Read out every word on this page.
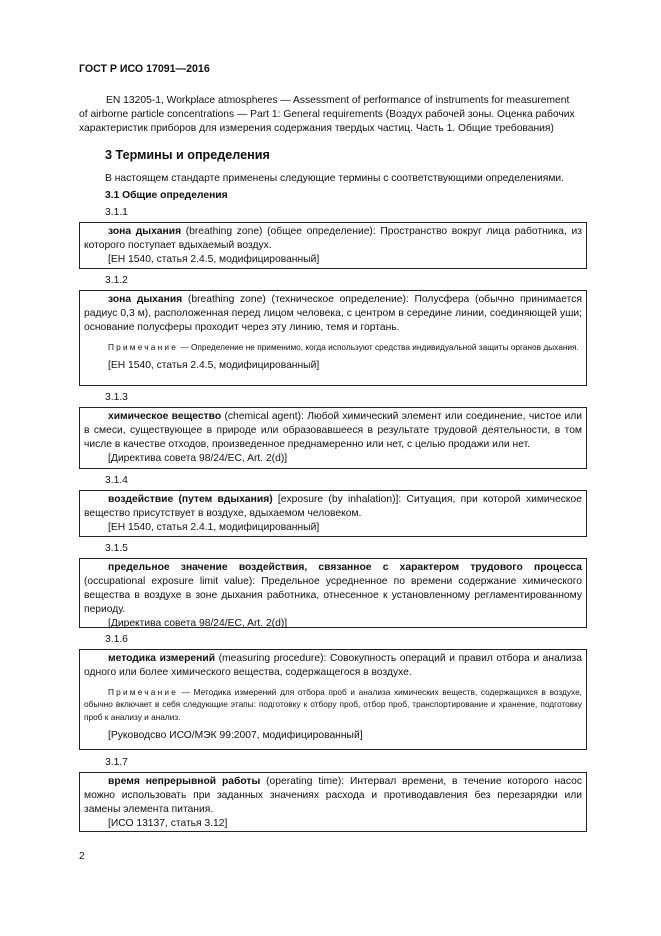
ГОСТ Р ИСО 17091—2016

EN 13205-1, Workplace atmospheres — Assessment of performance of instruments for measurement

of airborne particle concentrations — Part 1: General requirements (Воздух рабочей зоны. Оценка рабочих

характеристик приборов для измерения содержания твердых частиц. Часть 1. Общие требования)

3 Термины и определения
В настоящем стандарте применены следующие термины с соответствующими определениями.
3.1 Общие определения
3.1.1

зона дыхания (breathing zone) (общее определение): Пространство вокруг лица работника, из которого поступает вдыхаемый воздух.

[ЕН 1540, статья 2.4.5, модифицированный]

3.1.2

зона дыхания (breathing zone) (техническое определение): Полусфера (обычно принимается радиус 0,3 м), расположенная перед лицом человека, с центром в середине линии, соединяющей уши; основание полусферы проходит через эту линию, темя и гортань.

Примечание — Определение не применимо, когда используют средства индивидуальной защиты органов дыхания.

[ЕН 1540, статья 2.4.5, модифицированный]

3.1.3

химическое вещество (chemical agent): Любой химический элемент или соединение, чистое или в смеси, существующее в природе или образовавшееся в результате трудовой деятельности, в том числе в качестве отходов, произведенное преднамеренно или нет, с целью продажи или нет.

[Директива совета 98/24/EC, Art. 2(d)]

3.1.4

воздействие (путем вдыхания) [exposure (by inhalation)]: Ситуация, при которой химическое вещество присутствует в воздухе, вдыхаемом человеком.

[ЕН 1540, статья 2.4.1, модифицированный]

3.1.5

предельное значение воздействия, связанное с характером трудового процесса (occupational exposure limit value): Предельное усредненное по времени содержание химического вещества в воздухе в зоне дыхания работника, отнесенное к установленному регламентированному периоду.

[Директива совета 98/24/EC, Art. 2(d)]

3.1.6

методика измерений (measuring procedure): Совокупность операций и правил отбора и анализа одного или более химического вещества, содержащегося в воздухе.

Примечание — Методика измерений для отбора проб и анализа химических веществ, содержащихся в воздухе, обычно включает в себя следующие этапы: подготовку к отбору проб, отбор проб, транспортирование и хранение, подготовку проб к анализу и анализ.

[Руководсво ИСО/МЭК 99:2007, модифицированный]

3.1.7

время непрерывной работы (operating time): Интервал времени, в течение которого насос можно использовать при заданных значениях расхода и противодавления без перезарядки или замены элемента питания.

[ИСО 13137, статья 3.12]

2
